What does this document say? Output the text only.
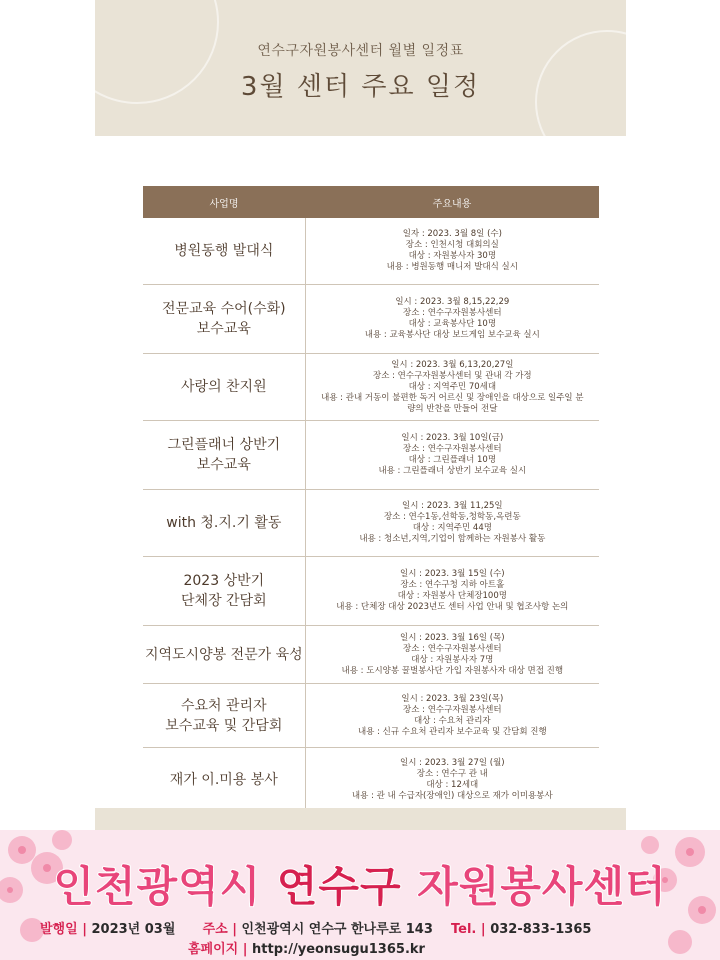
연수구자원봉사센터 월별 일정표
3월 센터 주요 일정
사업명	주요내용
병원동행 발대식
일자 : 2023. 3월 8일 (수)
장소 : 인천시청 대회의실
대상 : 자원봉사자 30명
내용 : 병원동행 매니저 발대식 실시
전문교육 수어(수화)
보수교육
일시 : 2023. 3월 8,15,22,29
장소 : 연수구자원봉사센터
대상 : 교육봉사단 10명
내용 : 교육봉사단 대상 보드게임 보수교육 실시
사랑의 찬지원
일시 : 2023. 3월 6,13,20,27일
장소 : 연수구자원봉사센터 및 관내 각 가정
대상 : 지역주민 70세대
내용 : 관내 거동이 불편한 독거 어르신 및 장애인을 대상으로 일주일 분
량의 반찬을 만들어 전달
그린플래너 상반기
보수교육
일시 : 2023. 3월 10일(금)
장소 : 연수구자원봉사센터
대상 : 그린플래너 10명
내용 : 그린플래너 상반기 보수교육 실시
with 청.지.기 활동
일시 : 2023. 3월 11,25일
장소 : 연수1동,선학동,청학동,옥련동
대상 : 지역주민 44명
내용 : 청소년,지역,기업이 함께하는 자원봉사 활동
2023 상반기
단체장 간담회
일시 : 2023. 3월 15일 (수)
장소 : 연수구청 지하 아트홀
대상 : 자원봉사 단체장100명
내용 : 단체장 대상 2023년도 센터 사업 안내 및 협조사항 논의
지역도시양봉 전문가 육성
일시 : 2023. 3월 16일 (목)
장소 : 연수구자원봉사센터
대상 : 자원봉사자 7명
내용 : 도시양봉 꿀벌봉사단 가입 자원봉사자 대상 면접 진행
수요처 관리자
보수교육 및 간담회
일시 : 2023. 3월 23일(목)
장소 : 연수구자원봉사센터
대상 : 수요처 관리자
내용 : 신규 수요처 관리자 보수교육 및 간담회 진행
재가 이.미용 봉사
일시 : 2023. 3월 27일 (월)
장소 : 연수구 관 내
대상 : 12세대
내용 : 관 내 수급자(장애인) 대상으로 재가 이미용봉사
인천광역시 연수구 자원봉사센터
발행일 | 2023년 03월 주소 | 인천광역시 연수구 한나루로 143 Tel. | 032-833-1365
홈페이지 | http://yeonsugu1365.kr
